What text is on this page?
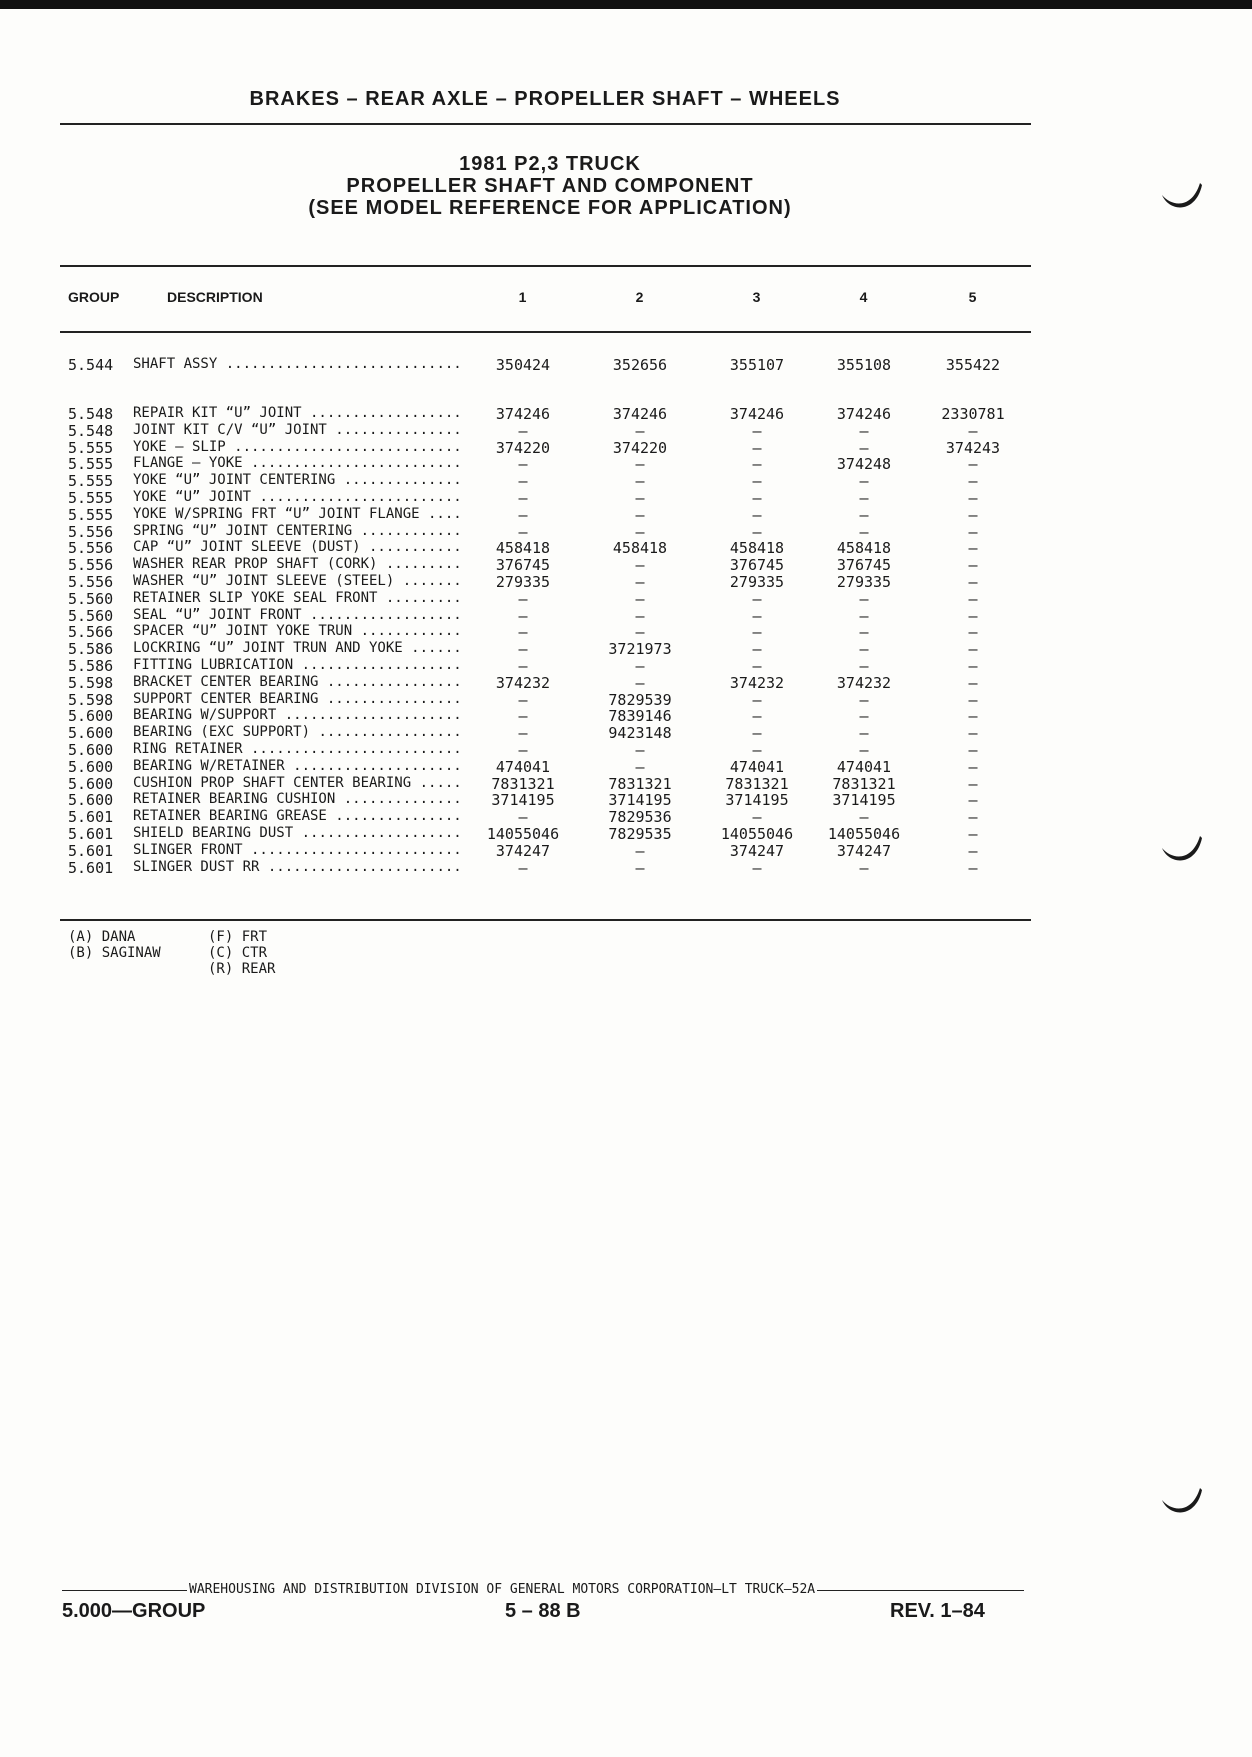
BRAKES – REAR AXLE – PROPELLER SHAFT – WHEELS
1981 P2,3 TRUCK
PROPELLER SHAFT AND COMPONENT
(SEE MODEL REFERENCE FOR APPLICATION)
GROUP	DESCRIPTION	1	2	3	4	5
5.544 SHAFT ASSY .....	350424	352656	355107	355108	355422
5.548 REPAIR KIT “U” JOINT .....	374246	374246	374246	374246	2330781
5.548 JOINT KIT C/V “U” JOINT .....	—	—	—	—	—
5.555 YOKE – SLIP .....	374220	374220	—	—	374243
5.555 FLANGE – YOKE .....	—	—	—	374248	—
5.555 YOKE “U” JOINT CENTERING .....	—	—	—	—	—
5.555 YOKE “U” JOINT .....	—	—	—	—	—
5.555 YOKE W/SPRING FRT “U” JOINT FLANGE .....	—	—	—	—	—
5.556 SPRING “U” JOINT CENTERING .....	—	—	—	—	—
5.556 CAP “U” JOINT SLEEVE (DUST) .....	458418	458418	458418	458418	—
5.556 WASHER REAR PROP SHAFT (CORK) .....	376745	—	376745	376745	—
5.556 WASHER “U” JOINT SLEEVE (STEEL) .....	279335	—	279335	279335	—
5.560 RETAINER SLIP YOKE SEAL FRONT .....	—	—	—	—	—
5.560 SEAL “U” JOINT FRONT .....	—	—	—	—	—
5.566 SPACER “U” JOINT YOKE TRUN .....	—	—	—	—	—
5.586 LOCKRING “U” JOINT TRUN AND YOKE .....	—	3721973	—	—	—
5.586 FITTING LUBRICATION .....	—	—	—	—	—
5.598 BRACKET CENTER BEARING .....	374232	—	374232	374232	—
5.598 SUPPORT CENTER BEARING .....	—	7829539	—	—	—
5.600 BEARING W/SUPPORT .....	—	7839146	—	—	—
5.600 BEARING (EXC SUPPORT) .....	—	9423148	—	—	—
5.600 RING RETAINER .....	—	—	—	—	—
5.600 BEARING W/RETAINER .....	474041	—	474041	474041	—
5.600 CUSHION PROP SHAFT CENTER BEARING .....	7831321	7831321	7831321	7831321	—
5.600 RETAINER BEARING CUSHION .....	3714195	3714195	3714195	3714195	—
5.601 RETAINER BEARING GREASE .....	—	7829536	—	—	—
5.601 SHIELD BEARING DUST .....	14055046	7829535	14055046	14055046	—
5.601 SLINGER FRONT .....	374247	—	374247	374247	—
5.601 SLINGER DUST RR .....	—	—	—	—	—
(A) DANA
(B) SAGINAW
(F) FRT
(C) CTR
(R) REAR
WAREHOUSING AND DISTRIBUTION DIVISION OF GENERAL MOTORS CORPORATION—LT TRUCK—52A
5.000—GROUP	5 – 88 B	REV. 1–84
